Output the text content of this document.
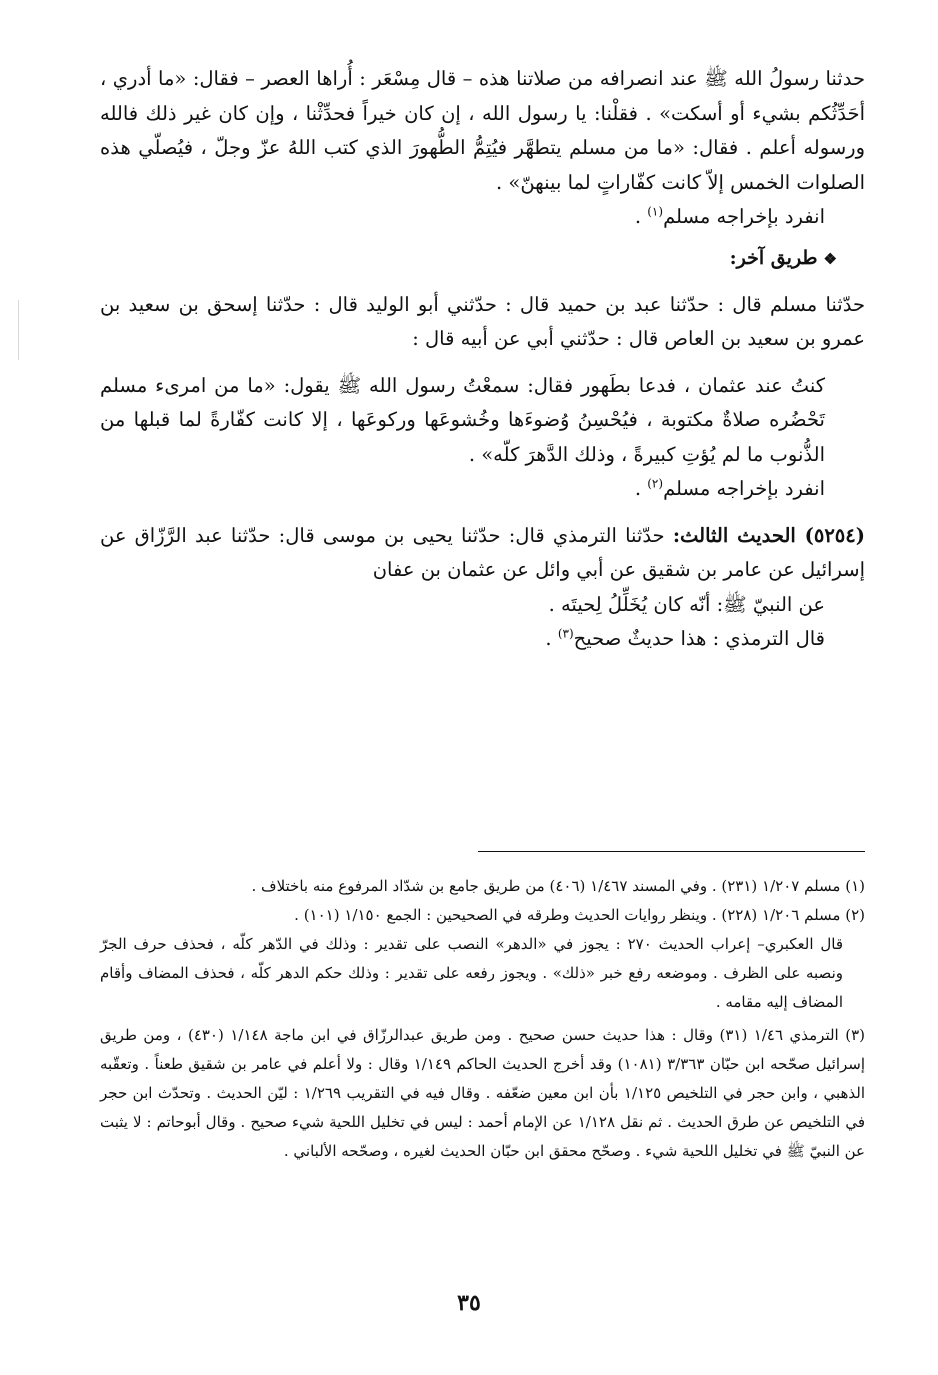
حدثنا رسولُ الله ﷺ عند انصرافه من صلاتنا هذه – قال مِسْعَر : أُراها العصر – فقال: «ما أدري ، أحَدِّثُكم بشيء أو أسكت» . فقلْنا: يا رسول الله ، إن كان خيراً فحدِّثْنا ، وإن كان غير ذلك فالله ورسوله أعلم . فقال: «ما من مسلم يتطهَّر فيُتِمُّ الطُّهورَ الذي كتب اللهُ عزّ وجلّ ، فيُصلّي هذه الصلوات الخمس إلاّ كانت كفّاراتٍ لما بينهنّ» .

انفرد بإخراجه مسلم$^{(١)}$ .

❖طريق آخر:

حدّثنا مسلم قال : حدّثنا عبد بن حميد قال : حدّثني أبو الوليد قال : حدّثنا إسحق بن سعيد بن عمرو بن سعيد بن العاص قال : حدّثني أبي عن أبيه قال :

كنتُ عند عثمان ، فدعا بطَهور فقال: سمعْتُ رسول الله ﷺ يقول: «ما من امرىء مسلم تَحْضُره صلاةٌ مكتوبة ، فيُحْسِنُ وُضوءَها وخُشوعَها وركوعَها ، إلا كانت كفّارةً لما قبلها من الذُّنوب ما لم يُؤتِ كبيرةً ، وذلك الدَّهرَ كلّه» .

انفرد بإخراجه مسلم$^{(٢)}$ .

(٥٢٥٤) الحديث الثالث: حدّثنا الترمذي قال: حدّثنا يحيى بن موسى قال: حدّثنا عبد الرَّزّاق عن إسرائيل عن عامر بن شقيق عن أبي وائل عن عثمان بن عفان

عن النبيّ ﷺ: أنّه كان يُخَلِّلُ لِحيتَه .

قال الترمذي : هذا حديثٌ صحيح$^{(٣)}$ .

(١) مسلم ١/٢٠٧ (٢٣١) . وفي المسند ١/٤٦٧ (٤٠٦) من طريق جامع بن شدّاد المرفوع منه باختلاف .

(٢) مسلم ١/٢٠٦ (٢٢٨) . وينظر روايات الحديث وطرقه في الصحيحين : الجمع ١/١٥٠ (١٠١) .

قال العكبري– إعراب الحديث ٢٧٠ : يجوز في «الدهر» النصب على تقدير : وذلك في الدّهر كلّه ، فحذف حرف الجرّ ونصبه على الظرف . وموضعه رفع خبر «ذلك» . ويجوز رفعه على تقدير : وذلك حكم الدهر كلّه ، فحذف المضاف وأقام المضاف إليه مقامه .

(٣) الترمذي ١/٤٦ (٣١) وقال : هذا حديث حسن صحيح . ومن طريق عبدالرزّاق في ابن ماجة ١/١٤٨ (٤٣٠) ، ومن طريق إسرائيل صحّحه ابن حبّان ٣/٣٦٣ (١٠٨١) وقد أخرج الحديث الحاكم ١/١٤٩ وقال : ولا أعلم في عامر بن شقيق طعناً . وتعقّبه الذهبي ، وابن حجر في التلخيص ١/١٢٥ بأن ابن معين ضعّفه . وقال فيه في التقريب ١/٢٦٩ : ليّن الحديث . وتحدّث ابن حجر في التلخيص عن طرق الحديث . ثم نقل ١/١٢٨ عن الإمام أحمد : ليس في تخليل اللحية شيء صحيح . وقال أبوحاتم : لا يثبت عن النبيّ ﷺ في تخليل اللحية شيء . وصحّح محقق ابن حبّان الحديث لغيره ، وصحّحه الألباني .

٣٥
